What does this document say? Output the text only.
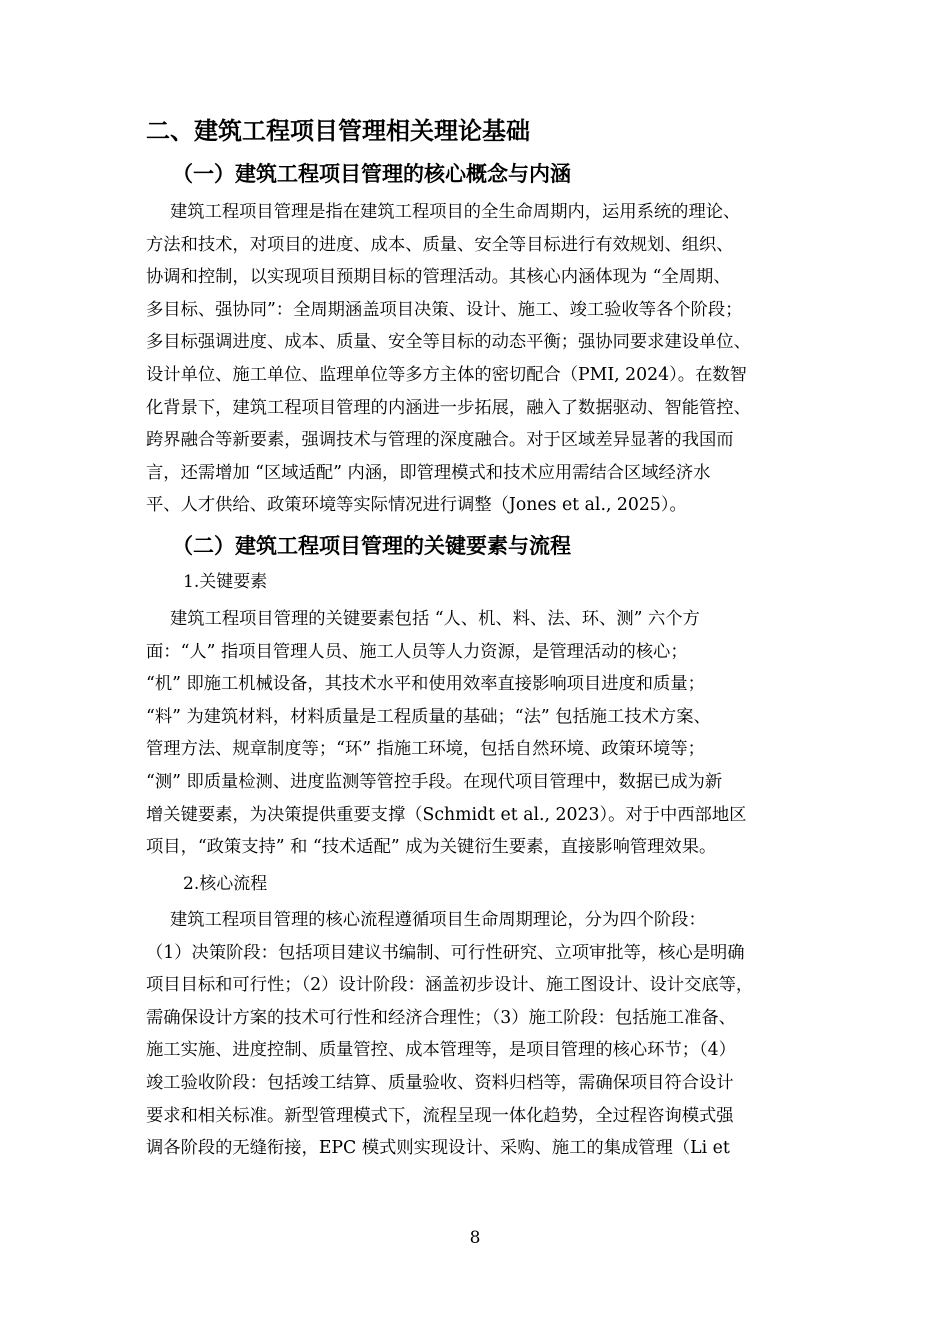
二、建筑工程项目管理相关理论基础
（一）建筑工程项目管理的核心概念与内涵
建筑工程项目管理是指在建筑工程项目的全生命周期内，运用系统的理论、
方法和技术，对项目的进度、成本、质量、安全等目标进行有效规划、组织、
协调和控制，以实现项目预期目标的管理活动。其核心内涵体现为 “全周期、
多目标、强协同”：全周期涵盖项目决策、设计、施工、竣工验收等各个阶段；
多目标强调进度、成本、质量、安全等目标的动态平衡；强协同要求建设单位、
设计单位、施工单位、监理单位等多方主体的密切配合（PMI, 2024）。在数智
化背景下，建筑工程项目管理的内涵进一步拓展，融入了数据驱动、智能管控、
跨界融合等新要素，强调技术与管理的深度融合。对于区域差异显著的我国而
言，还需增加 “区域适配” 内涵，即管理模式和技术应用需结合区域经济水
平、人才供给、政策环境等实际情况进行调整（Jones et al., 2025）。
（二）建筑工程项目管理的关键要素与流程
1.关键要素
建筑工程项目管理的关键要素包括 “人、机、料、法、环、测” 六个方
面：“人” 指项目管理人员、施工人员等人力资源，是管理活动的核心；
“机” 即施工机械设备，其技术水平和使用效率直接影响项目进度和质量；
“料” 为建筑材料，材料质量是工程质量的基础；“法” 包括施工技术方案、
管理方法、规章制度等；“环” 指施工环境，包括自然环境、政策环境等；
“测” 即质量检测、进度监测等管控手段。在现代项目管理中，数据已成为新
增关键要素，为决策提供重要支撑（Schmidt et al., 2023）。对于中西部地区
项目，“政策支持” 和 “技术适配” 成为关键衍生要素，直接影响管理效果。
2.核心流程
建筑工程项目管理的核心流程遵循项目生命周期理论，分为四个阶段：
（1）决策阶段：包括项目建议书编制、可行性研究、立项审批等，核心是明确
项目目标和可行性；（2）设计阶段：涵盖初步设计、施工图设计、设计交底等，
需确保设计方案的技术可行性和经济合理性；（3）施工阶段：包括施工准备、
施工实施、进度控制、质量管控、成本管理等，是项目管理的核心环节；（4）
竣工验收阶段：包括竣工结算、质量验收、资料归档等，需确保项目符合设计
要求和相关标准。新型管理模式下，流程呈现一体化趋势，全过程咨询模式强
调各阶段的无缝衔接，EPC 模式则实现设计、采购、施工的集成管理（Li et
8
